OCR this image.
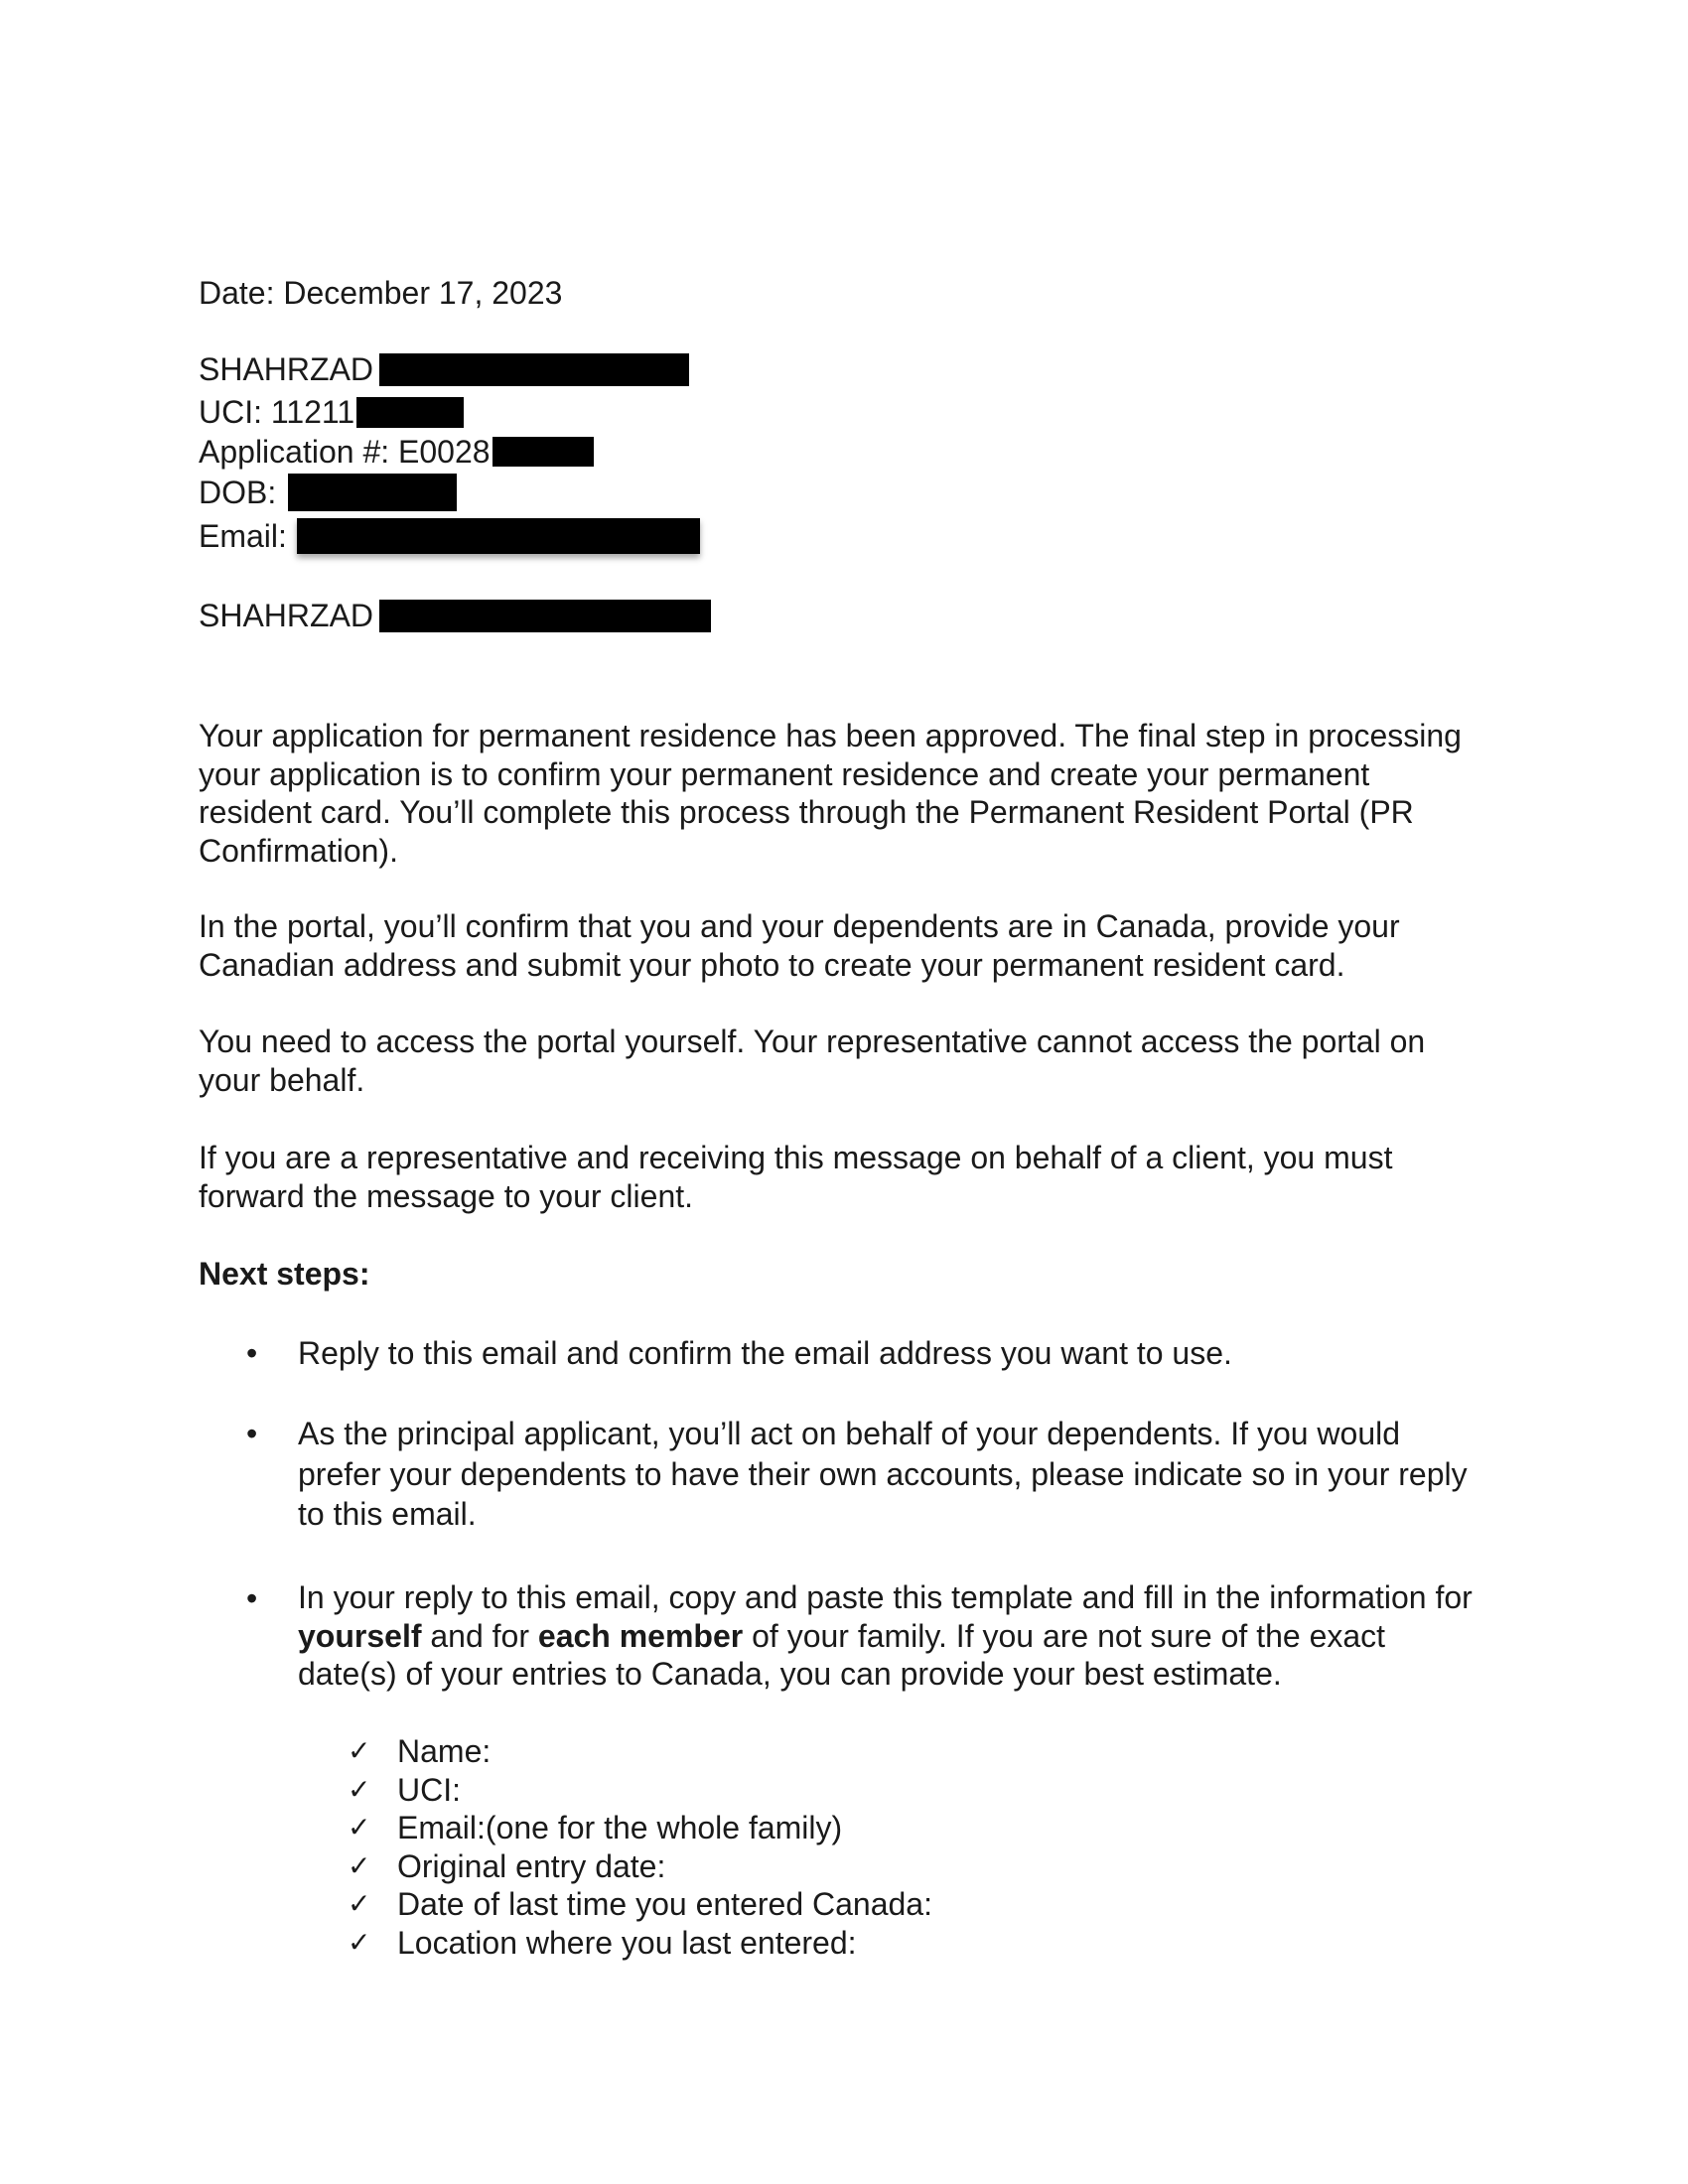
Date: December 17, 2023
SHAHRZAD
UCI: 11211
Application #: E0028
DOB:
Email:
SHAHRZAD
Your application for permanent residence has been approved. The final step in processing your application is to confirm your permanent residence and create your permanent resident card. You’ll complete this process through the Permanent Resident Portal (PR Confirmation).
In the portal, you’ll confirm that you and your dependents are in Canada, provide your Canadian address and submit your photo to create your permanent resident card.
You need to access the portal yourself. Your representative cannot access the portal on your behalf.
If you are a representative and receiving this message on behalf of a client, you must forward the message to your client.
Next steps:
• Reply to this email and confirm the email address you want to use.
• As the principal applicant, you’ll act on behalf of your dependents. If you would prefer your dependents to have their own accounts, please indicate so in your reply to this email.
• In your reply to this email, copy and paste this template and fill in the information for yourself and for each member of your family. If you are not sure of the exact date(s) of your entries to Canada, you can provide your best estimate.
✓ Name:
✓ UCI:
✓ Email:(one for the whole family)
✓ Original entry date:
✓ Date of last time you entered Canada:
✓ Location where you last entered:
